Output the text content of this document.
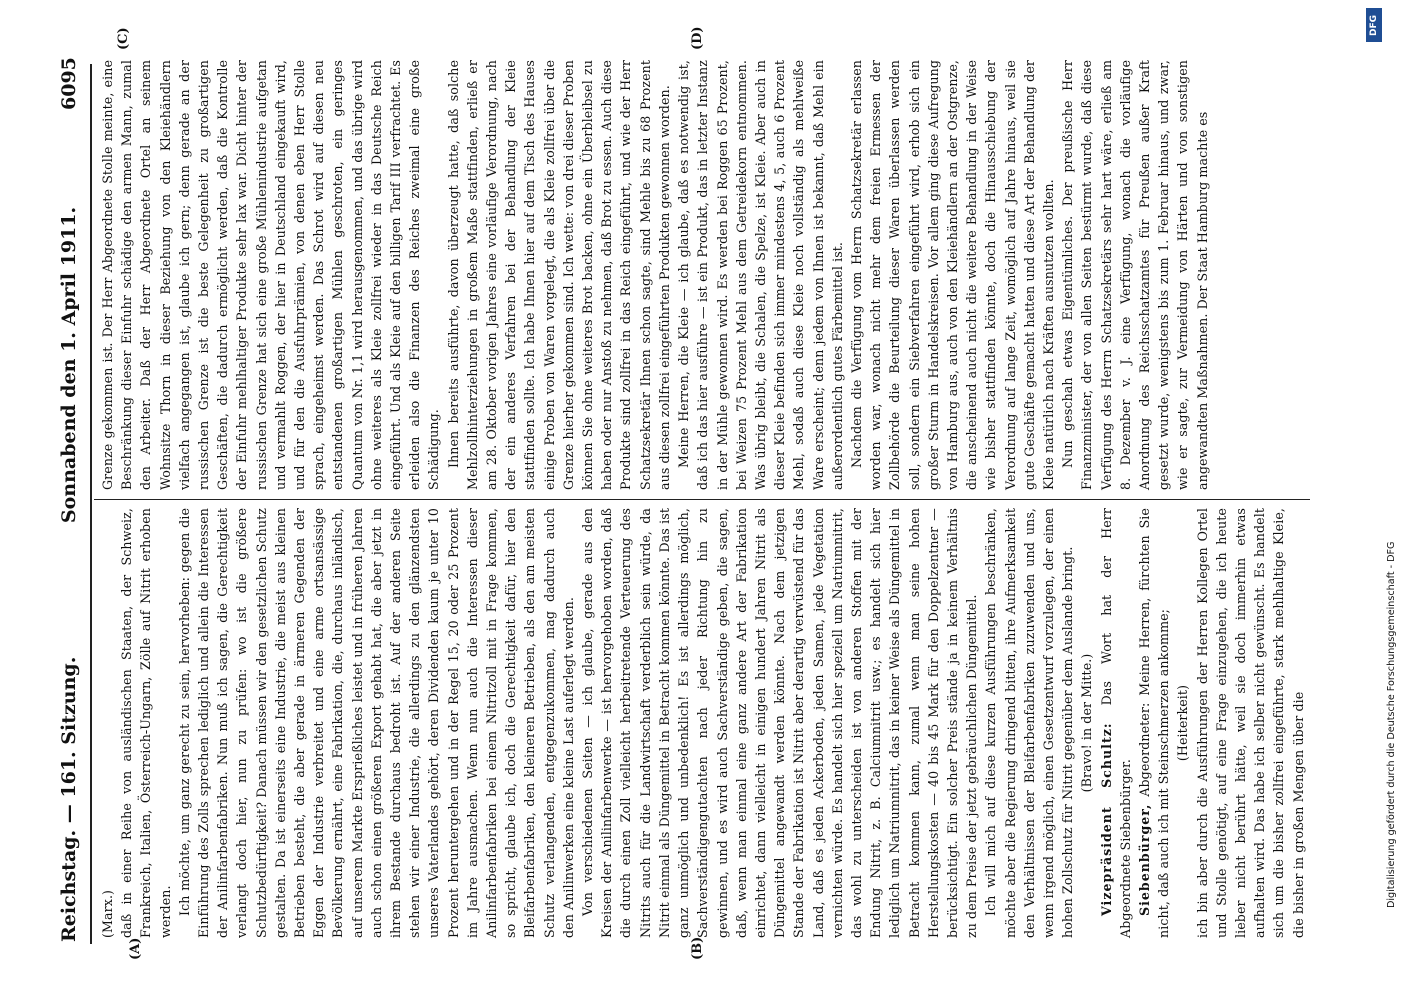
Reichstag. — 161. Sitzung.
Sonnabend den 1. April 1911.
6095
(A)	(B)
(C)	(D)

(Marx.) daß in einer Reihe von ausländischen Staaten, der Schweiz, Frankreich, Italien, Österreich-Ungarn, Zölle auf Nitrit erhoben werden. Ich möchte, um ganz gerecht zu sein, hervorheben: gegen die Einführung des Zolls sprechen lediglich und allein die Interessen der Anilinfarbenfabriken. Nun muß ich sagen, die Gerechtigkeit verlangt doch hier, nun zu prüfen: wo ist die größere Schutzbedürftigkeit? Danach müssen wir den gesetzlichen Schutz gestalten. Da ist einerseits eine Industrie, die meist aus kleinen Betrieben besteht, die aber gerade in ärmeren Gegenden der Eggen der Industrie verbreitet und eine arme ortsansässige Bevölkerung ernährt, eine Fabrikation, die, durchaus inländisch, auf unserem Markte Ersprießliches leistet und in früheren Jahren auch schon einen größeren Export gehabt hat, die aber jetzt in ihrem Bestande durchaus bedroht ist. Auf der anderen Seite stehen wir einer Industrie, die allerdings zu den glänzendsten unseres Vaterlandes gehört, deren Dividenden kaum je unter 10 Prozent heruntergehen und in der Regel 15, 20 oder 25 Prozent im Jahre ausmachen. Wenn nun auch die Interessen dieser Anilinfarbenfabriken bei einem Nitritzoll mit in Frage kommen, so spricht, glaube ich, doch die Gerechtigkeit dafür, hier den Bleifarbenfabriken, den kleineren Betrieben, als den am meisten Schutz verlangenden, entgegenzukommen, mag dadurch auch den Anilinwerken eine kleine Last auferlegt werden. Von verschiedenen Seiten — ich glaube, gerade aus den Kreisen der Anilinfarbenwerke — ist hervorgehoben worden, daß die durch einen Zoll vielleicht herbeitretende Verteuerung des Nitrits auch für die Landwirtschaft verderblich sein würde, da Nitrit einmal als Düngemittel in Betracht kommen könnte. Das ist ganz unmöglich und unbedenklich! Es ist allerdings möglich, Sachverständigengutachten nach jeder Richtung hin zu gewinnen, und es wird auch Sachverständige geben, die sagen, daß, wenn man einmal eine ganz andere Art der Fabrikation einrichtet, dann vielleicht in einigen hundert Jahren Nitrit als Düngemittel angewandt werden könnte. Nach dem jetzigen Stande der Fabrikation ist Nitrit aber derartig verwüstend für das Land, daß es jeden Ackerboden, jeden Samen, jede Vegetation vernichten würde. Es handelt sich hier speziell um Natriumnitrit, das wohl zu unterscheiden ist von anderen Stoffen mit der Endung Nitrit, z. B. Calciumnitrit usw.; es handelt sich hier lediglich um Natriumnitrit, das in keiner Weise als Düngemittel in Betracht kommen kann, zumal wenn man seine hohen Herstellungskosten — 40 bis 45 Mark für den Doppelzentner — berücksichtigt. Ein solcher Preis stände ja in keinem Verhältnis zu dem Preise der jetzt gebräuchlichen Düngemittel. Ich will mich auf diese kurzen Ausführungen beschränken, möchte aber die Regierung dringend bitten, ihre Aufmerksamkeit den Verhältnissen der Bleifarbenfabriken zuzuwenden und uns, wenn irgend möglich, einen Gesetzentwurf vorzulegen, der einen hohen Zollschutz für Nitrit gegenüber dem Auslande bringt. (Bravo! in der Mitte.) Vizepräsident Schultz: Das Wort hat der Herr Abgeordnete Siebenbürger. Siebenbürger, Abgeordneter: Meine Herren, fürchten Sie nicht, daß auch ich mit Steinschmerzen ankomme; (Heiterkeit) ich bin aber durch die Ausführungen der Herren Kollegen Ortel und Stolle genötigt, auf eine Frage einzugehen, die ich heute lieber nicht berührt hätte, weil sie doch immerhin etwas aufhalten wird. Das habe ich selber nicht gewünscht. Es handelt sich um die bisher zollfrei eingeführte, stark mehlhaltige Kleie, die bisher in großen Mengen über die

Grenze gekommen ist. Der Herr Abgeordnete Stolle meinte, eine Beschränkung dieser Einfuhr schädige den armen Mann, zumal den Arbeiter. Daß der Herr Abgeordnete Ortel an seinem Wohnsitze Thorn in dieser Beziehung von den Kleiehändlern vielfach angegangen ist, glaube ich gern; denn gerade an der russischen Grenze ist die beste Gelegenheit zu großartigen Geschäften, die dadurch ermöglicht werden, daß die Kontrolle der Einfuhr mehlhaltiger Produkte sehr lax war. Dicht hinter der russischen Grenze hat sich eine große Mühlenindustrie aufgetan und vermahlt Roggen, der hier in Deutschland eingekauft wird, und für den die Ausfuhrprämien, von denen eben Herr Stolle sprach, eingeheimst werden. Das Schrot wird auf diesen neu entstandenen großartigen Mühlen geschroten, ein geringes Quantum von Nr. 1,1 wird herausgenommen, und das übrige wird ohne weiteres als Kleie zollfrei wieder in das Deutsche Reich eingeführt. Und als Kleie auf den billigen Tarif III verfrachtet. Es erleiden also die Finanzen des Reiches zweimal eine große Schädigung. Ihnen bereits ausführte, davon überzeugt hatte, daß solche Mehlzollhinterziehungen in großem Maße stattfinden, erließ er am 28. Oktober vorigen Jahres eine vorläufige Verordnung, nach der ein anderes Verfahren bei der Behandlung der Kleie stattfinden sollte. Ich habe Ihnen hier auf dem Tisch des Hauses einige Proben von Waren vorgelegt, die als Kleie zollfrei über die Grenze hierher gekommen sind. Ich wette: von drei dieser Proben können Sie ohne weiteres Brot backen, ohne ein Überbleibsel zu haben oder nur Anstoß zu nehmen, daß Brot zu essen. Auch diese Produkte sind zollfrei in das Reich eingeführt, und wie der Herr Schatzsekretär Ihnen schon sagte, sind Mehle bis zu 68 Prozent aus diesen zollfrei eingeführten Produkten gewonnen worden. Meine Herren, die Kleie — ich glaube, daß es notwendig ist, daß ich das hier ausführe — ist ein Produkt, das in letzter Instanz in der Mühle gewonnen wird. Es werden bei Roggen 65 Prozent, bei Weizen 75 Prozent Mehl aus dem Getreidekorn entnommen. Was übrig bleibt, die Schalen, die Spelze, ist Kleie. Aber auch in dieser Kleie befinden sich immer mindestens 4, 5, auch 6 Prozent Mehl, sodaß auch diese Kleie noch vollständig als mehlweiße Ware erscheint; denn jedem von Ihnen ist bekannt, daß Mehl ein außerordentlich gutes Färbemittel ist. Nachdem die Verfügung vom Herrn Schatzsekretär erlassen worden war, wonach nicht mehr dem freien Ermessen der Zollbehörde die Beurteilung dieser Waren überlassen werden soll, sondern ein Siebverfahren eingeführt wird, erhob sich ein großer Sturm in Handelskreisen. Vor allem ging diese Aufregung von Hamburg aus, auch von den Kleiehändlern an der Ostgrenze, die anscheinend auch nicht die weitere Behandlung in der Weise wie bisher stattfinden könnte, doch die Hinausschiebung der Verordnung auf lange Zeit, womöglich auf Jahre hinaus, weil sie gute Geschäfte gemacht hatten und diese Art der Behandlung der Kleie natürlich nach Kräften ausnutzen wollten. Nun geschah etwas Eigentümliches. Der preußische Herr Finanzminister, der von allen Seiten bestürmt wurde, daß diese Verfügung des Herrn Schatzsekretärs sehr hart wäre, erließ am 8. Dezember v. J. eine Verfügung, wonach die vorläufige Anordnung des Reichsschatzamtes für Preußen außer Kraft gesetzt wurde, wenigstens bis zum 1. Februar hinaus, und zwar, wie er sagte, zur Vermeidung von Härten und von sonstigen angewandten Maßnahmen. Der Staat Hamburg machte es

DFG
Digitalisierung gefördert durch die Deutsche Forschungsgemeinschaft - DFG
